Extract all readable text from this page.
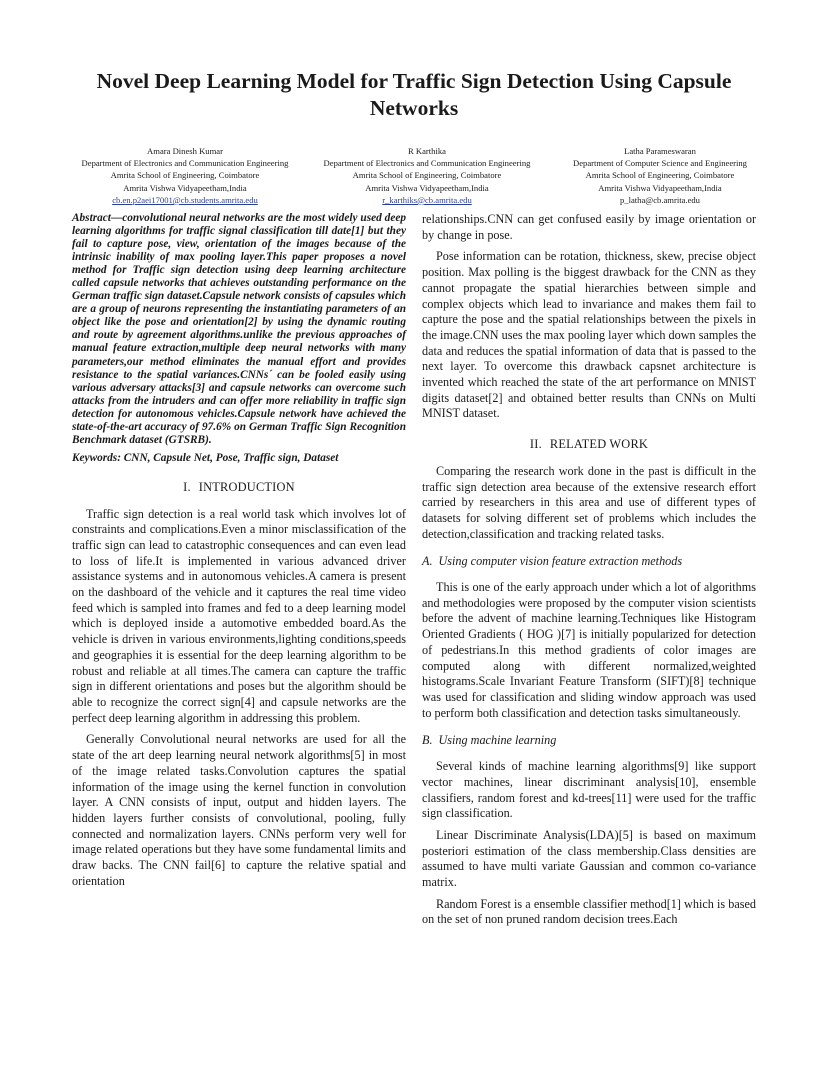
Novel Deep Learning Model for Traffic Sign Detection Using Capsule Networks
Amara Dinesh Kumar
Department of Electronics and Communication Engineering
Amrita School of Engineering, Coimbatore
Amrita Vishwa Vidyapeetham,India
cb.en.p2aei17001@cb.students.amrita.edu
R Karthika
Department of Electronics and Communication Engineering
Amrita School of Engineering, Coimbatore
Amrita Vishwa Vidyapeetham,India
r_karthiks@cb.amrita.edu
Latha Parameswaran
Department of Computer Science and Engineering
Amrita School of Engineering, Coimbatore
Amrita Vishwa Vidyapeetham,India
p_latha@cb.amrita.edu

Abstract—convolutional neural networks are the most widely used deep learning algorithms for traffic signal classification till date[1] but they fail to capture pose, view, orientation of the images because of the intrinsic inability of max pooling layer.This paper proposes a novel method for Traffic sign detection using deep learning architecture called capsule networks that achieves outstanding performance on the German traffic sign dataset.Capsule network consists of capsules which are a group of neurons representing the instantiating parameters of an object like the pose and orientation[2] by using the dynamic routing and route by agreement algorithms.unlike the previous approaches of manual feature extraction,multiple deep neural networks with many parameters,our method eliminates the manual effort and provides resistance to the spatial variances.CNNs´ can be fooled easily using various adversary attacks[3] and capsule networks can overcome such attacks from the intruders and can offer more reliability in traffic sign detection for autonomous vehicles.Capsule network have achieved the state-of-the-art accuracy of 97.6% on German Traffic Sign Recognition Benchmark dataset (GTSRB).

Keywords: CNN, Capsule Net, Pose, Traffic sign, Dataset

I. INTRODUCTION

Traffic sign detection is a real world task which involves lot of constraints and complications.Even a minor misclassification of the traffic sign can lead to catastrophic consequences and can even lead to loss of life.It is implemented in various advanced driver assistance systems and in autonomous vehicles.A camera is present on the dashboard of the vehicle and it captures the real time video feed which is sampled into frames and fed to a deep learning model which is deployed inside a automotive embedded board.As the vehicle is driven in various environments,lighting conditions,speeds and geographies it is essential for the deep learning algorithm to be robust and reliable at all times.The camera can capture the traffic sign in different orientations and poses but the algorithm should be able to recognize the correct sign[4] and capsule networks are the perfect deep learning algorithm in addressing this problem.

Generally Convolutional neural networks are used for all the state of the art deep learning neural network algorithms[5] in most of the image related tasks.Convolution captures the spatial information of the image using the kernel function in convolution layer. A CNN consists of input, output and hidden layers. The hidden layers further consists of convolutional, pooling, fully connected and normalization layers. CNNs perform very well for image related operations but they have some fundamental limits and draw backs. The CNN fail[6] to capture the relative spatial and orientation

relationships.CNN can get confused easily by image orientation or by change in pose.

Pose information can be rotation, thickness, skew, precise object position. Max polling is the biggest drawback for the CNN as they cannot propagate the spatial hierarchies between simple and complex objects which lead to invariance and makes them fail to capture the pose and the spatial relationships between the pixels in the image.CNN uses the max pooling layer which down samples the data and reduces the spatial information of data that is passed to the next layer. To overcome this drawback capsnet architecture is invented which reached the state of the art performance on MNIST digits dataset[2] and obtained better results than CNNs on Multi MNIST dataset.

II. RELATED WORK

Comparing the research work done in the past is difficult in the traffic sign detection area because of the extensive research effort carried by researchers in this area and use of different types of datasets for solving different set of problems which includes the detection,classification and tracking related tasks.

A. Using computer vision feature extraction methods

This is one of the early approach under which a lot of algorithms and methodologies were proposed by the computer vision scientists before the advent of machine learning.Techniques like Histogram Oriented Gradients ( HOG )[7] is initially popularized for detection of pedestrians.In this method gradients of color images are computed along with different normalized,weighted histograms.Scale Invariant Feature Transform (SIFT)[8] technique was used for classification and sliding window approach was used to perform both classification and detection tasks simultaneously.

B. Using machine learning

Several kinds of machine learning algorithms[9] like support vector machines, linear discriminant analysis[10], ensemble classifiers, random forest and kd-trees[11] were used for the traffic sign classification.

Linear Discriminate Analysis(LDA)[5] is based on maximum posteriori estimation of the class membership.Class densities are assumed to have multi variate Gaussian and common co-variance matrix.

Random Forest is a ensemble classifier method[1] which is based on the set of non pruned random decision trees.Each
